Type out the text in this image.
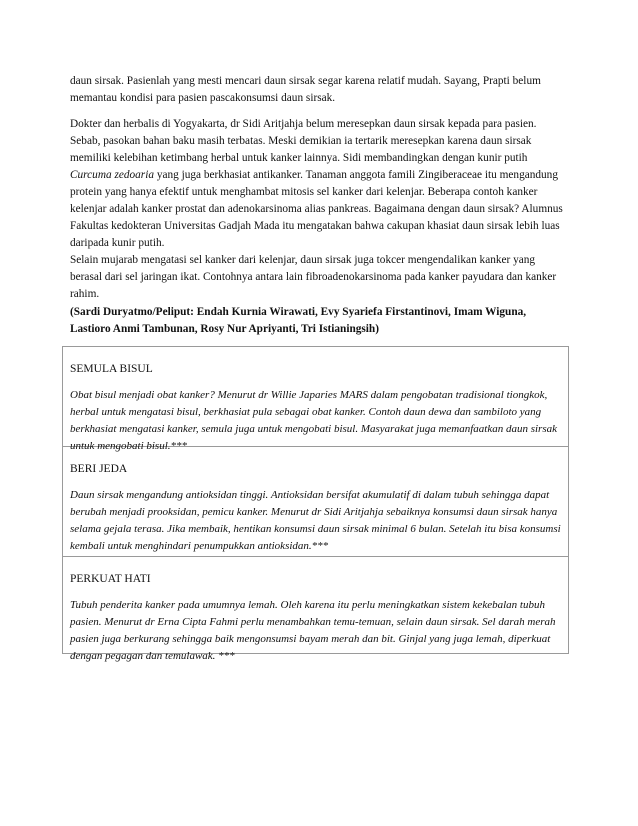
daun sirsak. Pasienlah yang mesti mencari daun sirsak segar karena relatif mudah. Sayang, Prapti belum memantau kondisi para pasien pascakonsumsi daun sirsak.

Dokter dan herbalis di Yogyakarta, dr Sidi Aritjahja belum meresepkan daun sirsak kepada para pasien. Sebab, pasokan bahan baku masih terbatas. Meski demikian ia tertarik meresepkan karena daun sirsak memiliki kelebihan ketimbang herbal untuk kanker lainnya. Sidi membandingkan dengan kunir putih Curcuma zedoaria yang juga berkhasiat antikanker. Tanaman anggota famili Zingiberaceae itu mengandung protein yang hanya efektif untuk menghambat mitosis sel kanker dari kelenjar. Beberapa contoh kanker kelenjar adalah kanker prostat dan adenokarsinoma alias pankreas. Bagaimana dengan daun sirsak? Alumnus Fakultas kedokteran Universitas Gadjah Mada itu mengatakan bahwa cakupan khasiat daun sirsak lebih luas daripada kunir putih.
Selain mujarab mengatasi sel kanker dari kelenjar, daun sirsak juga tokcer mengendalikan kanker yang berasal dari sel jaringan ikat. Contohnya antara lain fibroadenokarsinoma pada kanker payudara dan kanker rahim.

(Sardi Duryatmo/Peliput: Endah Kurnia Wirawati, Evy Syariefa Firstantinovi, Imam Wiguna, Lastioro Anmi Tambunan, Rosy Nur Apriyanti, Tri Istianingsih)

SEMULA BISUL

Obat bisul menjadi obat kanker? Menurut dr Willie Japaries MARS dalam pengobatan tradisional tiongkok, herbal untuk mengatasi bisul, berkhasiat pula sebagai obat kanker. Contoh daun dewa dan sambiloto yang berkhasiat mengatasi kanker, semula juga untuk mengobati bisul. Masyarakat juga memanfaatkan daun sirsak untuk mengobati bisul.***

BERI JEDA

Daun sirsak mengandung antioksidan tinggi. Antioksidan bersifat akumulatif di dalam tubuh sehingga dapat berubah menjadi prooksidan, pemicu kanker. Menurut dr Sidi Aritjahja sebaiknya konsumsi daun sirsak hanya selama gejala terasa. Jika membaik, hentikan konsumsi daun sirsak minimal 6 bulan. Setelah itu bisa konsumsi kembali untuk menghindari penumpukkan antioksidan.***

PERKUAT HATI

Tubuh penderita kanker pada umumnya lemah. Oleh karena itu perlu meningkatkan sistem kekebalan tubuh pasien. Menurut dr Erna Cipta Fahmi perlu menambahkan temu-temuan, selain daun sirsak. Sel darah merah pasien juga berkurang sehingga baik mengonsumsi bayam merah dan bit. Ginjal yang juga lemah, diperkuat dengan pegagan dan temulawak. ***
